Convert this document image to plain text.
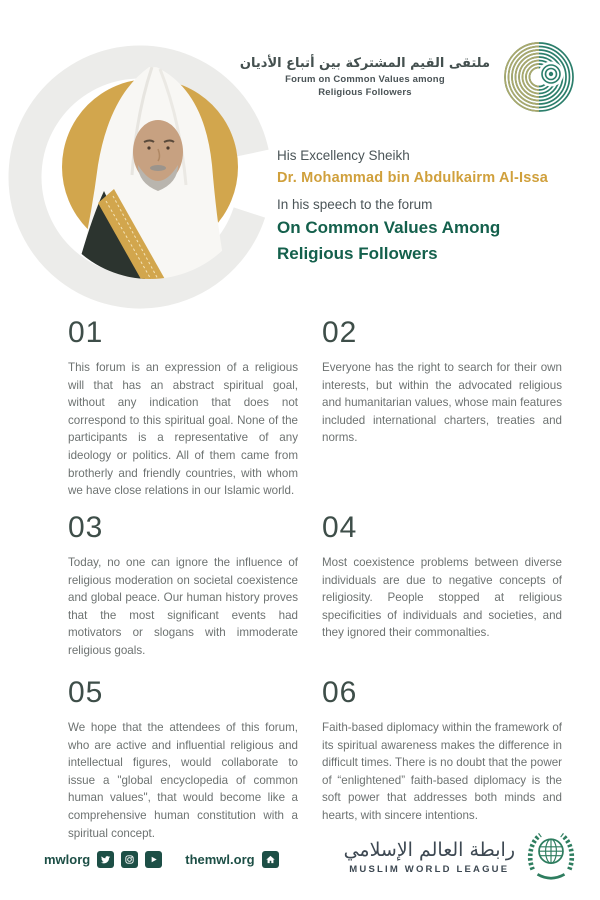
ملتقى القيم المشتركة بين أتباع الأديان
Forum on Common Values among
Religious Followers
His Excellency Sheikh
Dr. Mohammad bin Abdulkairm Al-Issa
In his speech to the forum
On Common Values Among
Religious Followers
01
This forum is an expression of a religious will that has an abstract spiritual goal, without any indication that does not correspond to this spiritual goal. None of the participants is a representative of any ideology or politics. All of them came from brotherly and friendly countries, with whom we have close relations in our Islamic world.
02
Everyone has the right to search for their own interests, but within the advocated religious and humanitarian values, whose main features included international charters, treaties and norms.
03
Today, no one can ignore the influence of religious moderation on societal coexistence and global peace. Our human history proves that the most significant events had motivators or slogans with immoderate religious goals.
04
Most coexistence problems between diverse individuals are due to negative concepts of religiosity. People stopped at religious specificities of individuals and societies, and they ignored their commonalties.
05
We hope that the attendees of this forum, who are active and influential religious and intellectual figures, would collaborate to issue a "global encyclopedia of common human values", that would become like a comprehensive human constitution with a spiritual concept.
06
Faith-based diplomacy within the framework of its spiritual awareness makes the difference in difficult times. There is no doubt that the power of “enlightened” faith-based diplomacy is the soft power that addresses both minds and hearts, with sincere intentions.
mwlorg	themwl.org	رابطة العالم الإسلامي
MUSLIM WORLD LEAGUE
